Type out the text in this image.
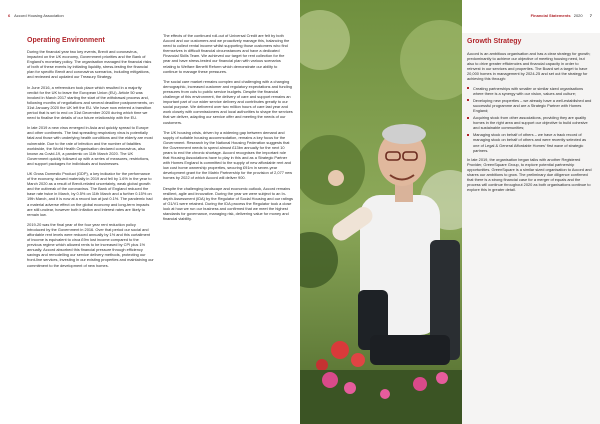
6 Accord Housing Association	Financial Statements 2020 7
Operating Environment

During the financial year two key events, Brexit and coronavirus, impacted on the UK economy, Government priorities and the Bank of England's monetary policy. The organisation managed the financial risks of both of these events by initiating liquidity, stress-testing the financial plan for specific Brexit and coronavirus scenarios, including mitigations, and reviewed and updated our Treasury Strategy.

In June 2016, a referendum took place which resulted in a majority verdict for the UK to leave the European Union (EU). Article 50 was invoked in March 2017 starting the start of the withdrawal process and, following months of negotiations and several deadline postponements, on 31st January 2020 the UK left the EU. We have now entered a transition period that is set to end on 31st December 2020 during which time we need to finalise the details of our future relationship with the EU.

In late 2019 a new virus emerged in Asia and quickly spread to Europe and other continents. The fast spreading respiratory virus is potentially fatal and those with underlying health conditions and the elderly are most vulnerable. Due to the rate of infection and the number of fatalities worldwide, the World Health Organisation declared coronavirus, also known as Covid-19, a pandemic on 11th March 2020. The UK Government quickly followed up with a series of measures, restrictions, and support packages for individuals and businesses.

UK Gross Domestic Product (GDP), a key indicator for the performance of the economy, slowed materially in 2019 and fell by 1.6% in the year to March 2020 as a result of Brexit-related uncertainty, weak global growth and the outbreak of the coronavirus. The Bank of England reduced the base rate twice in March, by 0.5% on 11th March and a further 0.15% on 19th March, and it is now at a record low at just 0.1%. The pandemic had a material adverse effect on the global economy and long-term impacts are still unclear, however both inflation and interest rates are likely to remain low.

2019-20 was the final year of the four year rent reduction policy introduced by the Government in 2016. Over that period our social and affordable rent levels were reduced annually by 1% and this curtailment of income is equivalent to circa £9m lost income compared to the previous regime which allowed rents to be increased by CPI plus 1% annually. Accord absorbed this financial pressure through efficiency savings and remodelling our service delivery methods, protecting our front-line services, investing in our existing properties and maintaining our commitment to the development of new homes.

The effects of the continued roll-out of Universal Credit are felt by both Accord and our customers and we proactively manage this, balancing the need to collect rental income whilst supporting those customers who find themselves in difficult financial circumstances and have a dedicated Financial Skills Team. We achieved our target for rent collection for the year and have stress-tested our financial plan with various scenarios relating to Welfare Benefit Reform which demonstrate our ability to continue to manage these pressures.

The social care market remains complex and challenging with a changing demographic, increased customer and regulatory expectations and funding pressures from cuts to public service budgets. Despite the financial challenge of this environment, the delivery of care and support remains an important part of our wider service delivery and contributes greatly to our social purpose. We delivered over two million hours of care last year and work closely with commissioners and local authorities to shape the services that we deliver, adapting our service offer and meeting the needs of our customers.

The UK housing crisis, driven by a widening gap between demand and supply of suitable housing accommodation, remains a key focus for the Government. Research by the National Housing Federation suggests that the Government needs to spend almost £13bn annually for the next 10 years to end the chronic shortage. Accord recognises the important role that Housing Associations have to play in this and as a Strategic Partner with Homes England is committed to the supply of new affordable rent and low cost home ownership properties, securing £91m in seven-year development grant for the Matrix Partnership for the provision of 2,077 new homes by 2022 of which Accord will deliver 900.

Despite the challenging landscape and economic outlook, Accord remains resilient, agile and innovative. During the year we were subject to an In-depth Assessment (IDA) by the Regulator of Social Housing and our ratings of G1/V1 were retained. During the IDA process the Regulator took a close look at how we run our business and confirmed that we meet the highest standards for governance, managing risk, delivering value for money and financial viability.

Growth Strategy

Accord is an ambitious organisation and has a clear strategy for growth; predominantly to achieve our objective of meeting housing need, but also to drive greater efficiencies and financial capacity in order to reinvest in our services and properties. The Board set a target to have 20,000 homes in management by 2024-25 and set out the strategy for achieving this through:

Creating partnerships with smaller or similar sized organisations where there is a synergy with our vision, values and culture;
Developing new properties – we already have a well-established and successful programme and are a Strategic Partner with Homes England;
Acquiring stock from other associations, providing they are quality homes in the right area and support our objective to build cohesive and sustainable communities;
Managing stock on behalf of others – we have a track record of managing stock on behalf of others and were recently selected as one of Legal & General Affordable Homes' first wave of strategic partners.

In late 2019, the organisation began talks with another Registered Provider, GreenSquare Group, to explore potential partnership opportunities. GreenSquare is a similar sized organisation to Accord and shares our ambitions to grow. The preliminary due diligence confirmed that there is a strong financial case for a merger of equals and the process will continue throughout 2020 as both organisations continue to explore this in greater detail.
